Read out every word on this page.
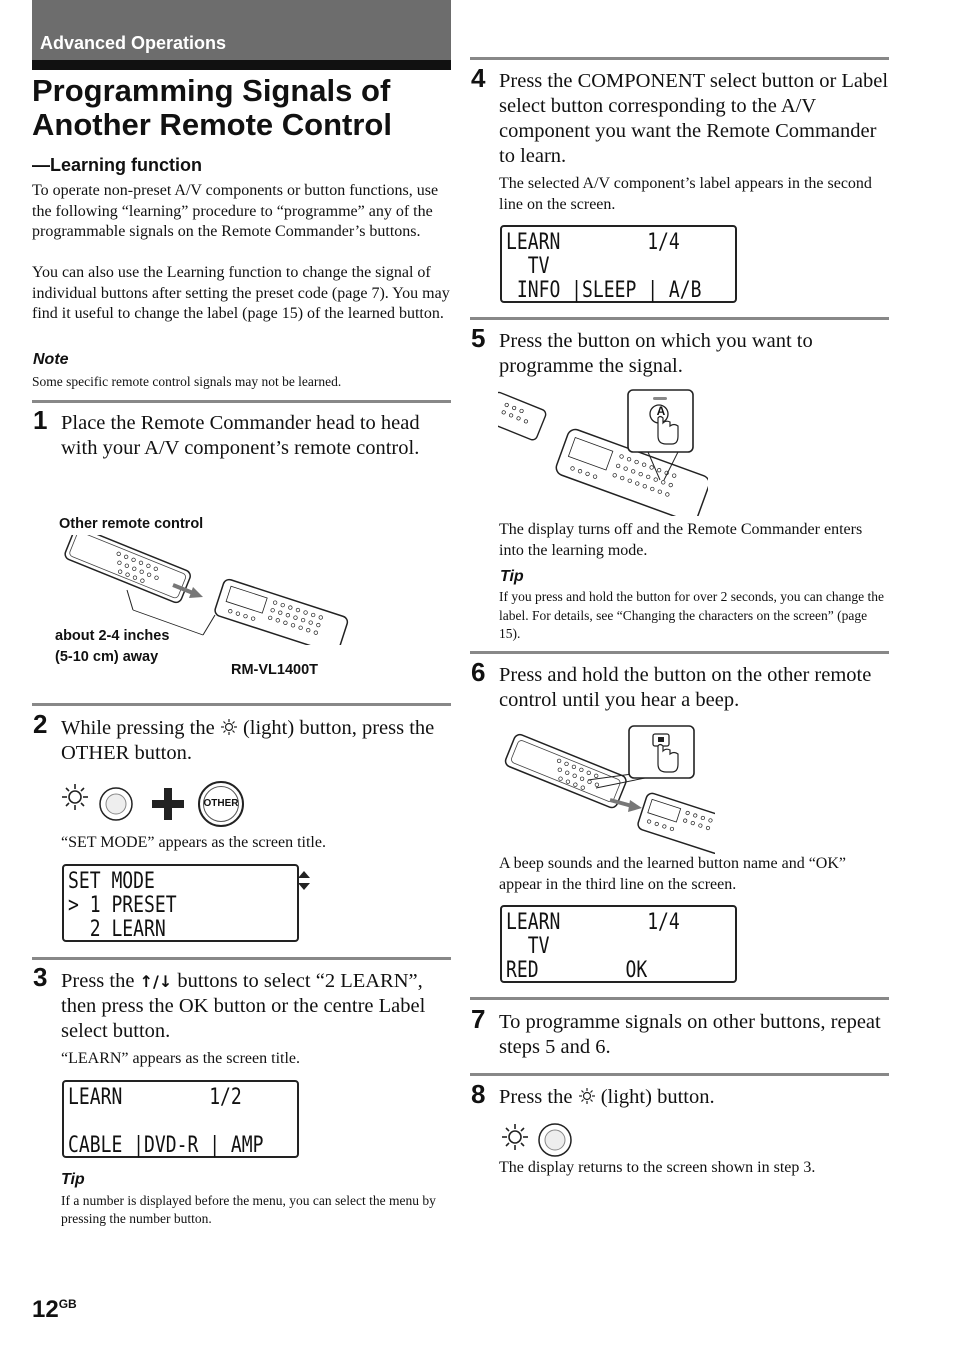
Advanced Operations
Programming Signals of Another Remote Control
—Learning function
To operate non-preset A/V components or button functions, use the following “learning” procedure to “programme” any of the programmable signals on the Remote Commander’s buttons.
You can also use the Learning function to change the signal of individual buttons after setting the preset code (page 7). You may find it useful to change the label (page 15) of the learned button.
Note
Some specific remote control signals may not be learned.
1 Place the Remote Commander head to head with your A/V component’s remote control.
Other remote control
about 2-4 inches
(5-10 cm) away
RM-VL1400T
2 While pressing the (light) button, press the OTHER button.
OTHER
“SET MODE” appears as the screen title.
SET MODE
> 1 PRESET
2 LEARN
3 Press the ↑/↓ buttons to select “2 LEARN”, then press the OK button or the centre Label select button.
“LEARN” appears as the screen title.
LEARN        1/2
CABLE |DVD-R | AMP
Tip
If a number is displayed before the menu, you can select the menu by pressing the number button.
$12^{GB}$
4 Press the COMPONENT select button or Label select button corresponding to the A/V component you want the Remote Commander to learn.
The selected A/V component’s label appears in the second line on the screen.
LEARN        1/4
TV
INFO |SLEEP | A/B
5 Press the button on which you want to programme the signal.
A
The display turns off and the Remote Commander enters into the learning mode.
Tip
If you press and hold the button for over 2 seconds, you can change the label. For details, see “Changing the characters on the screen” (page 15).
6 Press and hold the button on the other remote control until you hear a beep.
A beep sounds and the learned button name and “OK” appear in the third line on the screen.
LEARN        1/4
TV
RED        OK
7 To programme signals on other buttons, repeat steps 5 and 6.
8 Press the (light) button.
The display returns to the screen shown in step 3.
